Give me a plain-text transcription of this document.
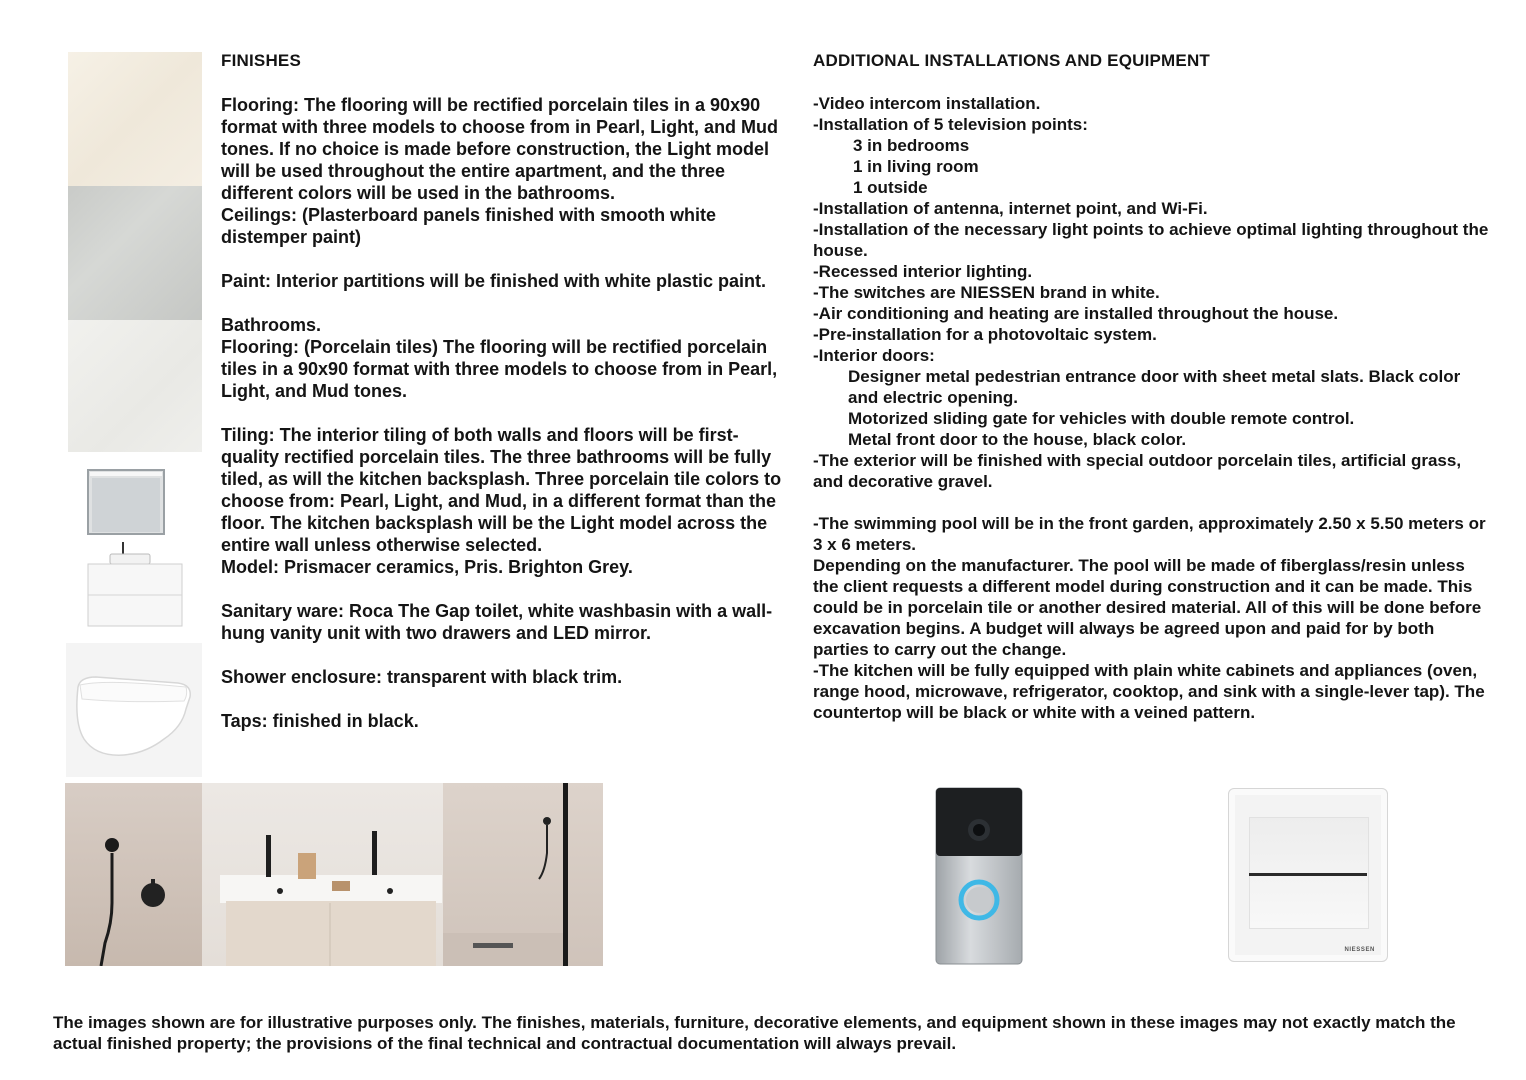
FINISHES

Flooring: The flooring will be rectified porcelain tiles in a 90x90 format with three models to choose from in Pearl, Light, and Mud tones. If no choice is made before construction, the Light model will be used throughout the entire apartment, and the three different colors will be used in the bathrooms.

Ceilings: (Plasterboard panels finished with smooth white distemper paint)

Paint: Interior partitions will be finished with white plastic paint.

Bathrooms.

Flooring: (Porcelain tiles) The flooring will be rectified porcelain tiles in a 90x90 format with three models to choose from in Pearl, Light, and Mud tones.

Tiling: The interior tiling of both walls and floors will be first-quality rectified porcelain tiles. The three bathrooms will be fully tiled, as will the kitchen backsplash. Three porcelain tile colors to choose from: Pearl, Light, and Mud, in a different format than the floor. The kitchen backsplash will be the Light model across the entire wall unless otherwise selected.

Model: Prismacer ceramics, Pris. Brighton Grey.

Sanitary ware: Roca The Gap toilet, white washbasin with a wall-hung vanity unit with two drawers and LED mirror.

Shower enclosure: transparent with black trim.

Taps: finished in black.

ADDITIONAL INSTALLATIONS AND EQUIPMENT

-Video intercom installation.

-Installation of 5 television points:

3 in bedrooms

1 in living room

1 outside

-Installation of antenna, internet point, and Wi-Fi.

-Installation of the necessary light points to achieve optimal lighting throughout the house.

-Recessed interior lighting.

-The switches are NIESSEN brand in white.

-Air conditioning and heating are installed throughout the house.

-Pre-installation for a photovoltaic system.

-Interior doors:

Designer metal pedestrian entrance door with sheet metal slats. Black color and electric opening.

Motorized sliding gate for vehicles with double remote control.

Metal front door to the house, black color.

-The exterior will be finished with special outdoor porcelain tiles, artificial grass, and decorative gravel.

-The swimming pool will be in the front garden, approximately 2.50 x 5.50 meters or 3 x 6 meters.

Depending on the manufacturer. The pool will be made of fiberglass/resin unless the client requests a different model during construction and it can be made. This could be in porcelain tile or another desired material. All of this will be done before excavation begins. A budget will always be agreed upon and paid for by both parties to carry out the change.

-The kitchen will be fully equipped with plain white cabinets and appliances (oven, range hood, microwave, refrigerator, cooktop, and sink with a single-lever tap). The countertop will be black or white with a veined pattern.

NIESSEN

The images shown are for illustrative purposes only. The finishes, materials, furniture, decorative elements, and equipment shown in these images may not exactly match the actual finished property; the provisions of the final technical and contractual documentation will always prevail.
